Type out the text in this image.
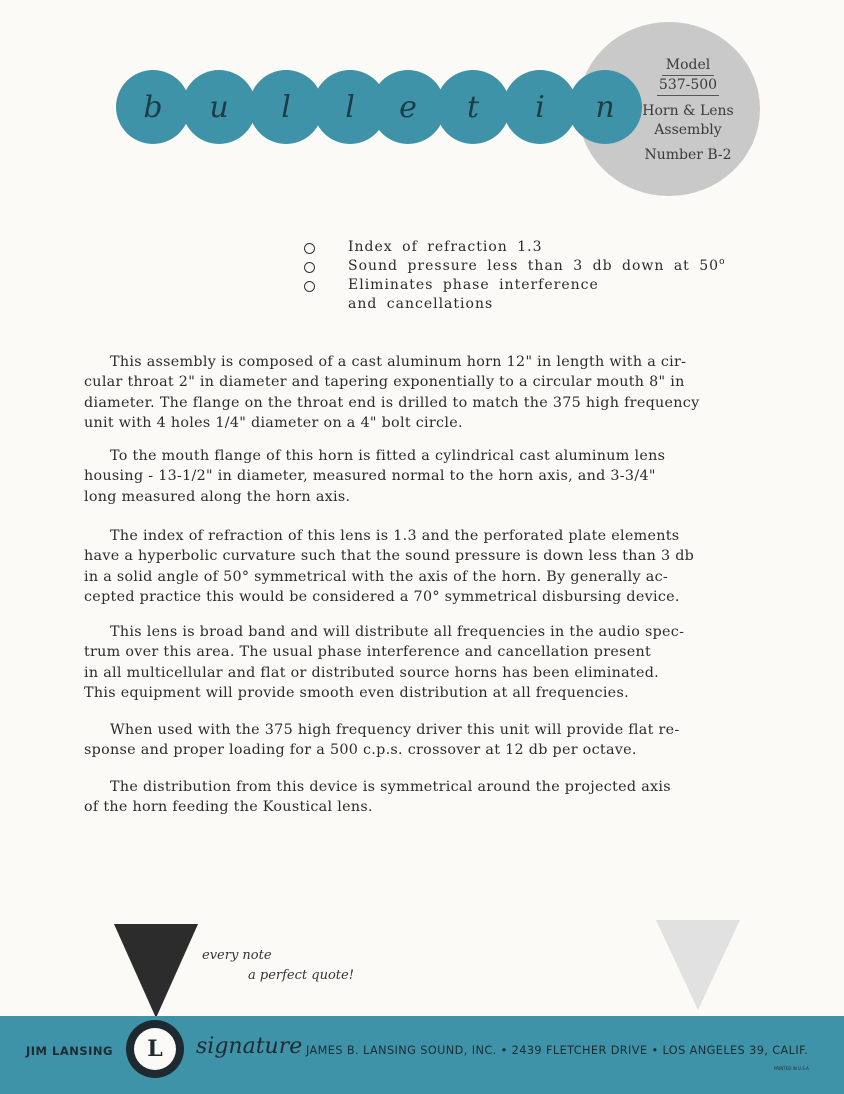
b	u	l	l	e	t	i	n
Model
537-500
Horn & Lens
Assembly
Number B-2
Index of refraction 1.3
Sound pressure less than 3 db down at 50$^o$
Eliminates phase interference
and cancellations
This assembly is composed of a cast aluminum horn 12" in length with a cir-
cular throat 2" in diameter and tapering exponentially to a circular mouth 8" in
diameter. The flange on the throat end is drilled to match the 375 high frequency
unit with 4 holes 1/4" diameter on a 4" bolt circle.
To the mouth flange of this horn is fitted a cylindrical cast aluminum lens
housing - 13-1/2" in diameter, measured normal to the horn axis, and 3-3/4"
long measured along the horn axis.
The index of refraction of this lens is 1.3 and the perforated plate elements
have a hyperbolic curvature such that the sound pressure is down less than 3 db
in a solid angle of 50° symmetrical with the axis of the horn. By generally ac-
cepted practice this would be considered a 70° symmetrical disbursing device.
This lens is broad band and will distribute all frequencies in the audio spec-
trum over this area. The usual phase interference and cancellation present
in all multicellular and flat or distributed source horns has been eliminated.
This equipment will provide smooth even distribution at all frequencies.
When used with the 375 high frequency driver this unit will provide flat re-
sponse and proper loading for a 500 c.p.s. crossover at 12 db per octave.
The distribution from this device is symmetrical around the projected axis
of the horn feeding the Koustical lens.
every note
a perfect quote!
JIM LANSING	L	signature JAMES B. LANSING SOUND, INC. • 2439 FLETCHER DRIVE • LOS ANGELES 39, CALIF.
PRINTED IN U.S.A.
